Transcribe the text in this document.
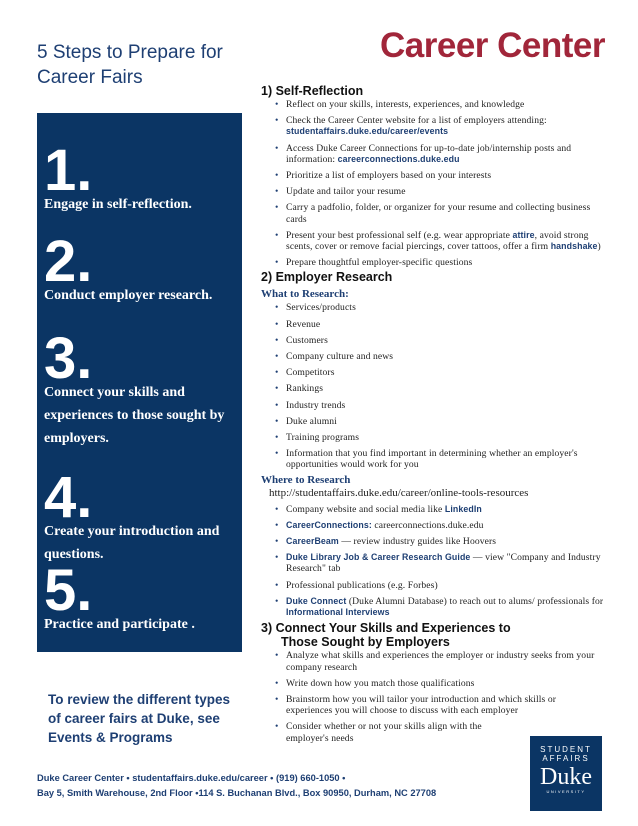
5 Steps to Prepare for
Career Fairs
Career Center
1.
Engage in self-reflection.
2.
Conduct employer research.
3.
Connect your skills and experiences to those sought by employers.
4.
Create your introduction and questions.
5.
Practice and participate .
To review the different types of career fairs at Duke, see Events & Programs
Duke Career Center • studentaffairs.duke.edu/career • (919) 660-1050 •
Bay 5, Smith Warehouse, 2nd Floor •114 S. Buchanan Blvd., Box 90950, Durham, NC 27708
STUDENT
AFFAIRS
Duke
UNIVERSITY
1) Self-Reflection
• Reflect on your skills, interests, experiences, and knowledge
• Check the Career Center website for a list of employers attending:
studentaffairs.duke.edu/career/events
• Access Duke Career Connections for up-to-date job/internship posts and information: careerconnections.duke.edu
• Prioritize a list of employers based on your interests
• Update and tailor your resume
• Carry a padfolio, folder, or organizer for your resume and collecting business cards
• Present your best professional self (e.g. wear appropriate attire, avoid strong scents, cover or remove facial piercings, cover tattoos, offer a firm handshake)
• Prepare thoughtful employer-specific questions
2) Employer Research
What to Research:
• Services/products
• Revenue
• Customers
• Company culture and news
• Competitors
• Rankings
• Industry trends
• Duke alumni
• Training programs
• Information that you find important in determining whether an employer's opportunities would work for you
Where to Research
http://studentaffairs.duke.edu/career/online-tools-resources
• Company website and social media like LinkedIn
• CareerConnections: careerconnections.duke.edu
• CareerBeam — review industry guides like Hoovers
• Duke Library Job & Career Research Guide — view "Company and Industry Research" tab
• Professional publications (e.g. Forbes)
• Duke Connect (Duke Alumni Database) to reach out to alums/ professionals for Informational Interviews
3) Connect Your Skills and Experiences to
Those Sought by Employers
• Analyze what skills and experiences the employer or industry seeks from your company research
• Write down how you match those qualifications
• Brainstorm how you will tailor your introduction and which skills or experiences you will choose to discuss with each employer
• Consider whether or not your skills align with the employer's needs
